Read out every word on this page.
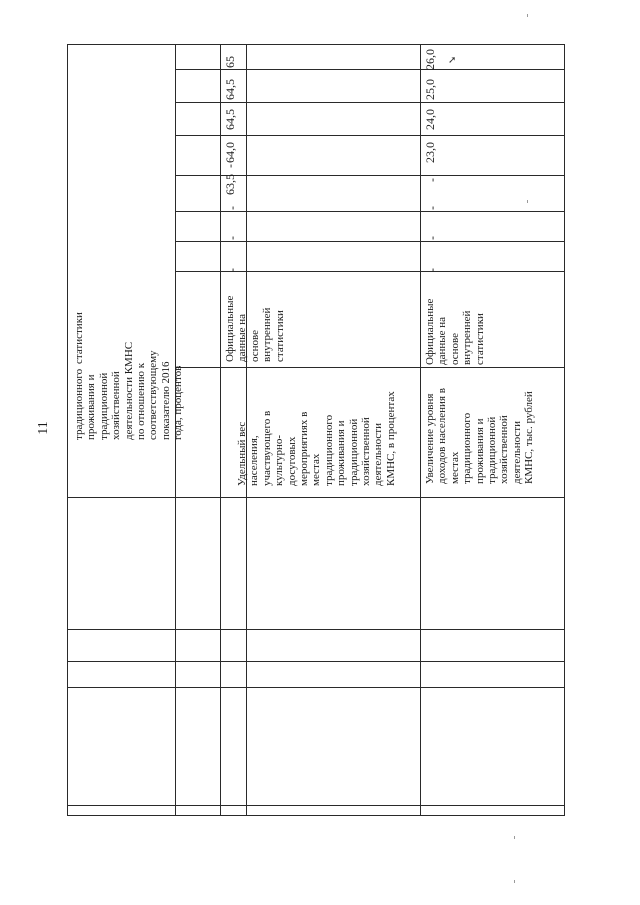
11 традиционного
проживания и
традиционной
хозяйственной
деятельности КМНС
по отношению к
соответствующему
показателю 2016
года, процентов
статистики
Удельный вес
населения,
участвующего в
культурно-
досуговых
мероприятиях в
местах
традиционного
проживания и
традиционной
хозяйственной
деятельности
КМНС, в процентах
Официальные
данные на
основе
внутренней
статистики
-
-
-
63,5
-
64,0
64,5
64,5
65
Увеличение уровня
доходов населения в
местах
традиционного
проживания и
традиционной
хозяйственной
деятельности
КМНС, тыс. рублей
Официальные
данные на
основе
внутренней
статистики
-
-
-
-
23,0
24,0
25,0
26,0 ➚
